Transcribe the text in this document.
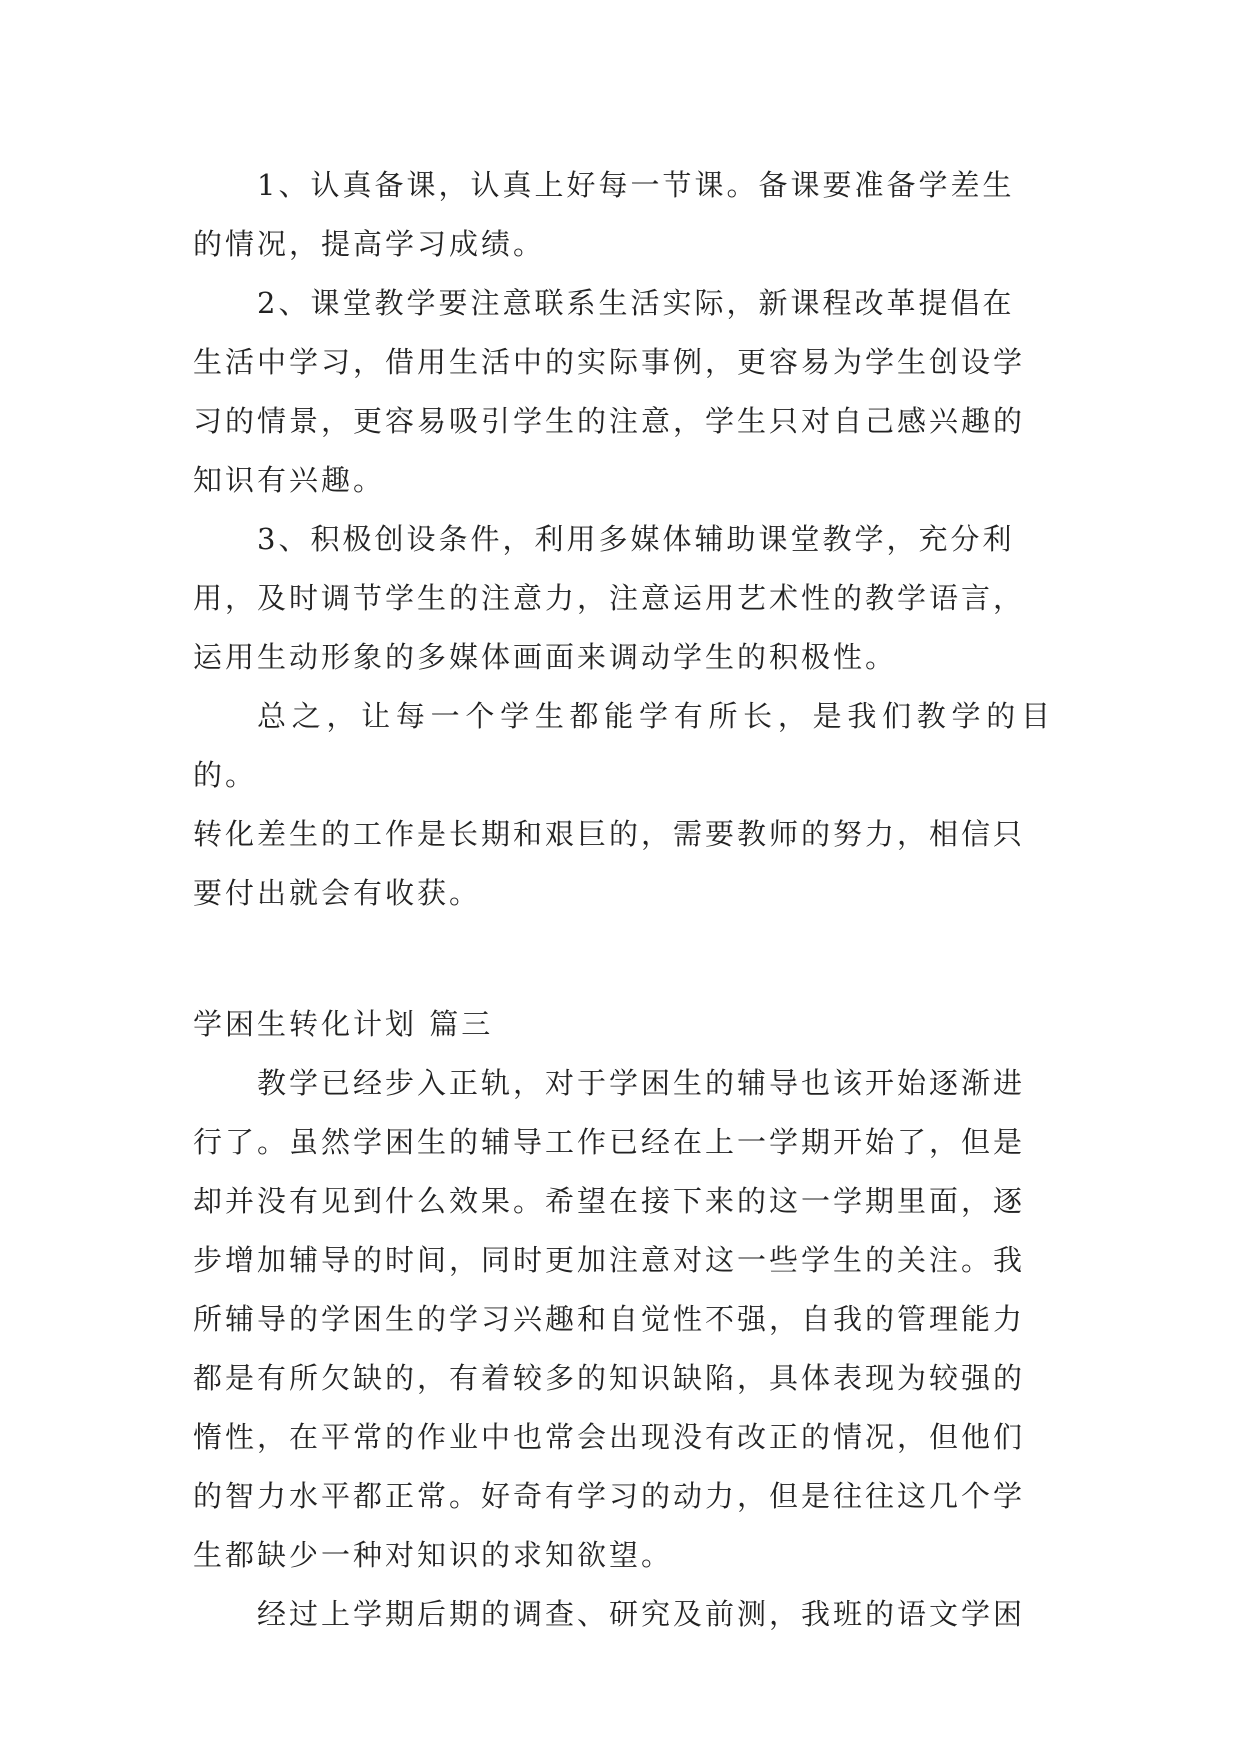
1、认真备课，认真上好每一节课。备课要准备学差生
的情况，提高学习成绩。

2、课堂教学要注意联系生活实际，新课程改革提倡在
生活中学习，借用生活中的实际事例，更容易为学生创设学
习的情景，更容易吸引学生的注意，学生只对自己感兴趣的
知识有兴趣。

3、积极创设条件，利用多媒体辅助课堂教学，充分利
用，及时调节学生的注意力，注意运用艺术性的教学语言，
运用生动形象的多媒体画面来调动学生的积极性。

总之，让每一个学生都能学有所长，是我们教学的目的。
转化差生的工作是长期和艰巨的，需要教师的努力，相信只
要付出就会有收获。

学困生转化计划 篇三

教学已经步入正轨，对于学困生的辅导也该开始逐渐进
行了。虽然学困生的辅导工作已经在上一学期开始了，但是
却并没有见到什么效果。希望在接下来的这一学期里面，逐
步增加辅导的时间，同时更加注意对这一些学生的关注。我
所辅导的学困生的学习兴趣和自觉性不强，自我的管理能力
都是有所欠缺的，有着较多的知识缺陷，具体表现为较强的
惰性，在平常的作业中也常会出现没有改正的情况，但他们
的智力水平都正常。好奇有学习的动力，但是往往这几个学
生都缺少一种对知识的求知欲望。

经过上学期后期的调查、研究及前测，我班的语文学困
